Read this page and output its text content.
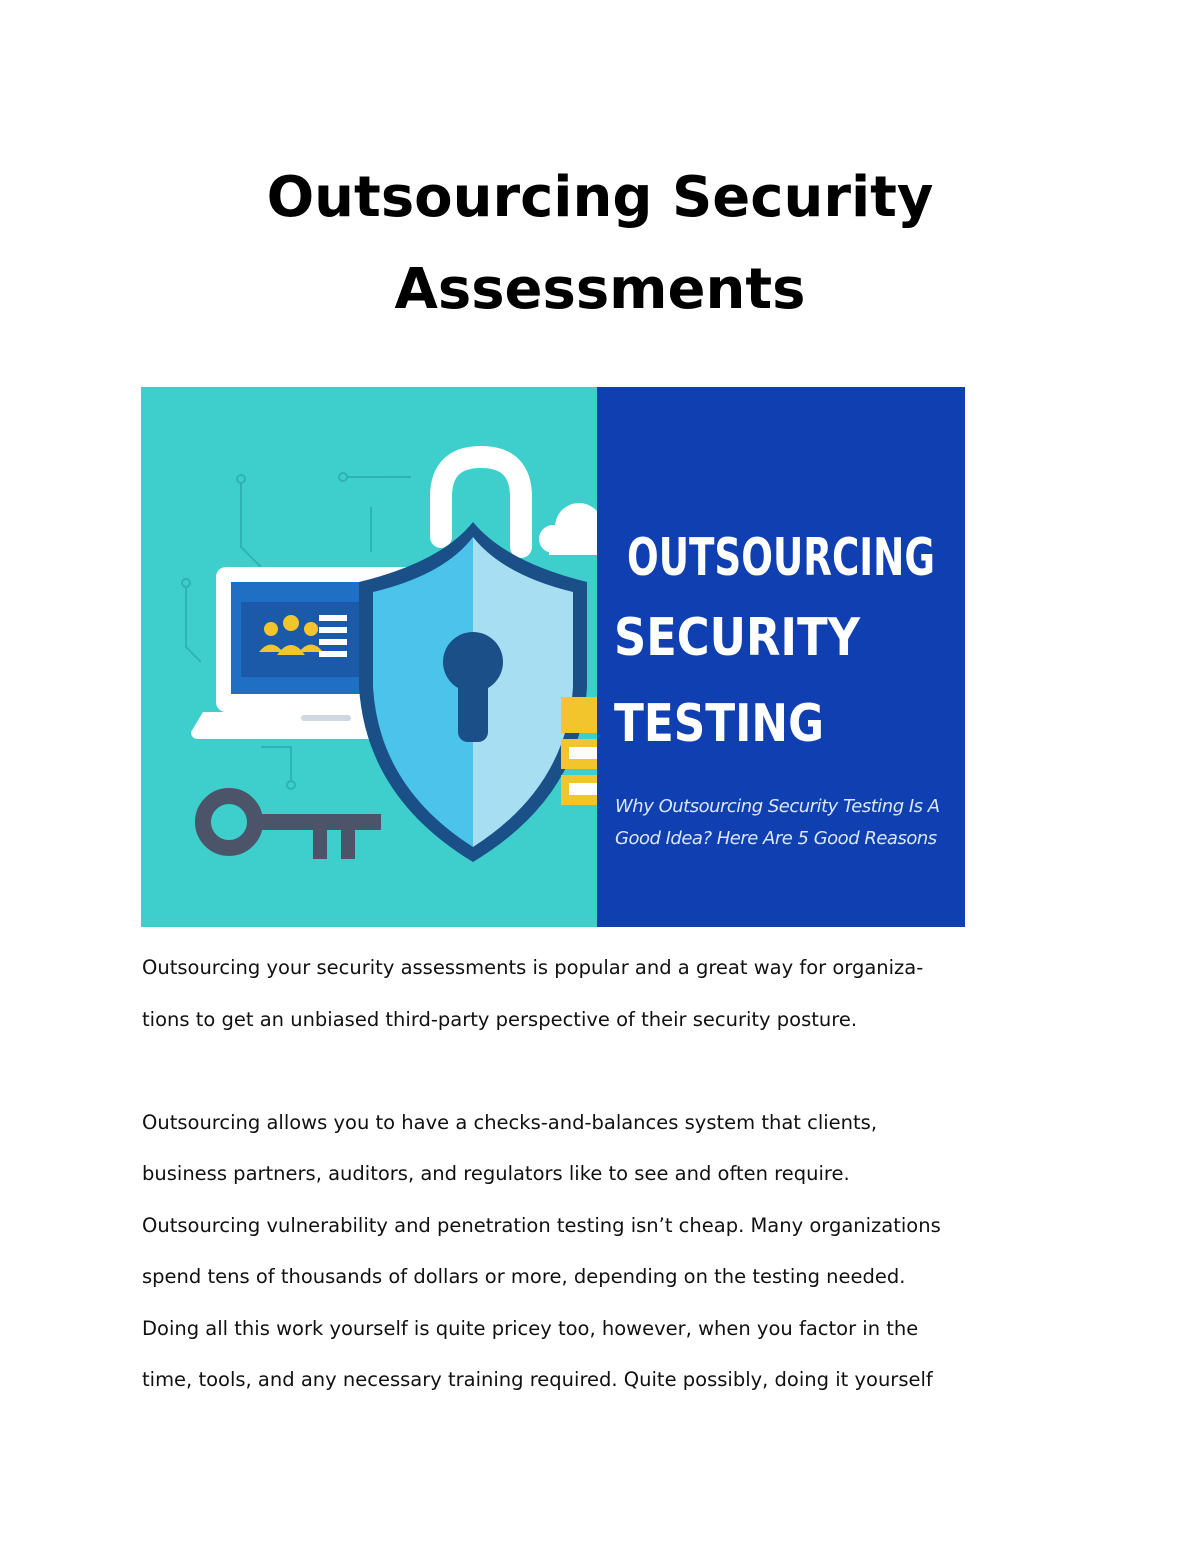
Outsourcing Security
Assessments
OUTSOURCING
SECURITY
TESTING
Why Outsourcing Security Testing Is A
Good Idea? Here Are 5 Good Reasons
Outsourcing your security assessments is popular and a great way for organiza-
tions to get an unbiased third-party perspective of their security posture.
Outsourcing allows you to have a checks-and-balances system that clients,
business partners, auditors, and regulators like to see and often require.
Outsourcing vulnerability and penetration testing isn’t cheap. Many organizations
spend tens of thousands of dollars or more, depending on the testing needed.
Doing all this work yourself is quite pricey too, however, when you factor in the
time, tools, and any necessary training required. Quite possibly, doing it yourself
